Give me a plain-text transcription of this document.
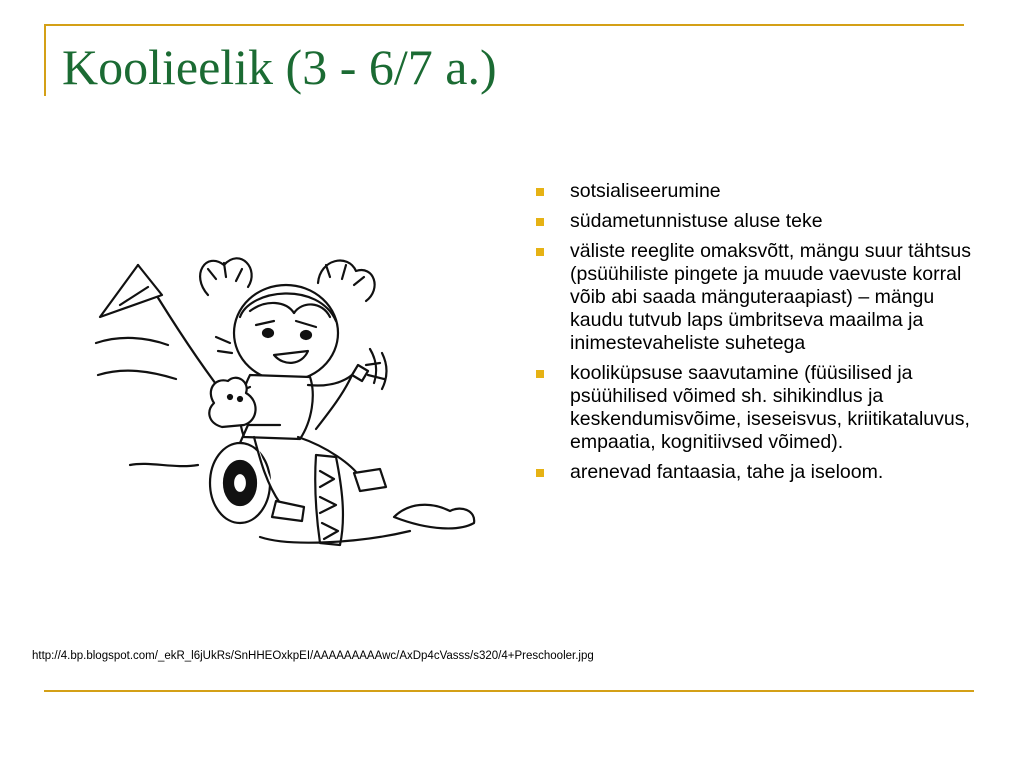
Koolieelik (3 - 6/7 a.)
sotsialiseerumine
südametunnistuse aluse teke
väliste reeglite omaksvõtt, mängu suur tähtsus (psüühiliste pingete ja muude vaevuste korral võib abi saada mänguteraapiast) – mängu kaudu tutvub laps ümbritseva maailma ja inimestevaheliste suhetega
kooliküpsuse saavutamine (füüsilised ja psüühilised võimed sh. sihikindlus ja keskendumisvõime, iseseisvus, kriitikataluvus, empaatia, kognitiivsed võimed).
arenevad fantaasia, tahe ja iseloom.

http://4.bp.blogspot.com/_ekR_l6jUkRs/SnHHEOxkpEI/AAAAAAAAAwc/AxDp4cVasss/s320/4+Preschooler.jpg
